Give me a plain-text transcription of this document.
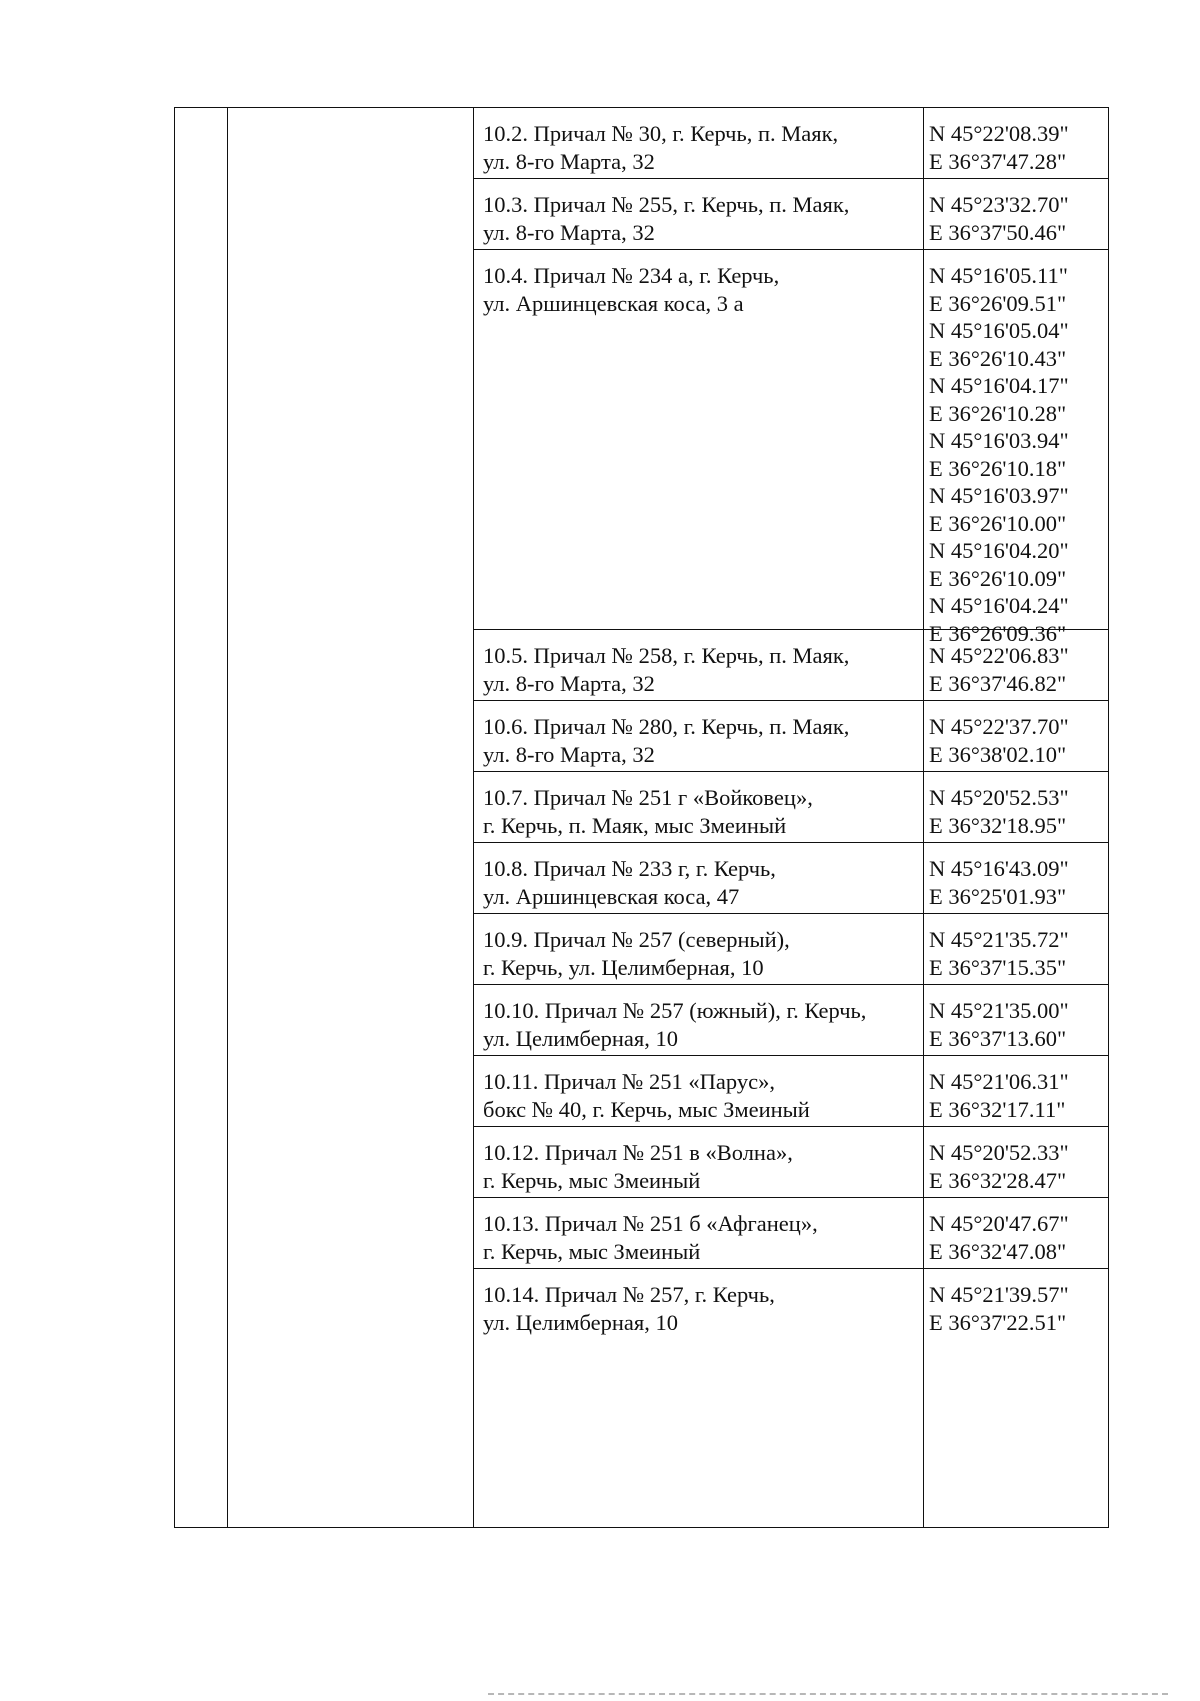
10.2. Причал № 30, г. Керчь, п. Маяк,
ул. 8-го Марта, 32
N 45°22'08.39"
E 36°37'47.28"
10.3. Причал № 255, г. Керчь, п. Маяк,
ул. 8-го Марта, 32
N 45°23'32.70"
E 36°37'50.46"
10.4. Причал № 234 а, г. Керчь,
ул. Аршинцевская коса, 3 а
N 45°16'05.11"
E 36°26'09.51"
N 45°16'05.04"
E 36°26'10.43"
N 45°16'04.17"
E 36°26'10.28"
N 45°16'03.94"
E 36°26'10.18"
N 45°16'03.97"
E 36°26'10.00"
N 45°16'04.20"
E 36°26'10.09"
N 45°16'04.24"
E 36°26'09.36"
10.5. Причал № 258, г. Керчь, п. Маяк,
ул. 8-го Марта, 32
N 45°22'06.83"
E 36°37'46.82"
10.6. Причал № 280, г. Керчь, п. Маяк,
ул. 8-го Марта, 32
N 45°22'37.70"
E 36°38'02.10"
10.7. Причал № 251 г «Войковец»,
г. Керчь, п. Маяк, мыс Змеиный
N 45°20'52.53"
E 36°32'18.95"
10.8. Причал № 233 г, г. Керчь,
ул. Аршинцевская коса, 47
N 45°16'43.09"
E 36°25'01.93"
10.9. Причал № 257 (северный),
г. Керчь, ул. Целимберная, 10
N 45°21'35.72"
E 36°37'15.35"
10.10. Причал № 257 (южный), г. Керчь,
ул. Целимберная, 10
N 45°21'35.00"
E 36°37'13.60"
10.11. Причал № 251 «Парус»,
бокс № 40, г. Керчь, мыс Змеиный
N 45°21'06.31"
E 36°32'17.11"
10.12. Причал № 251 в «Волна»,
г. Керчь, мыс Змеиный
N 45°20'52.33"
E 36°32'28.47"
10.13. Причал № 251 б «Афганец»,
г. Керчь, мыс Змеиный
N 45°20'47.67"
E 36°32'47.08"
10.14. Причал № 257, г. Керчь,
ул. Целимберная, 10
N 45°21'39.57"
E 36°37'22.51"
